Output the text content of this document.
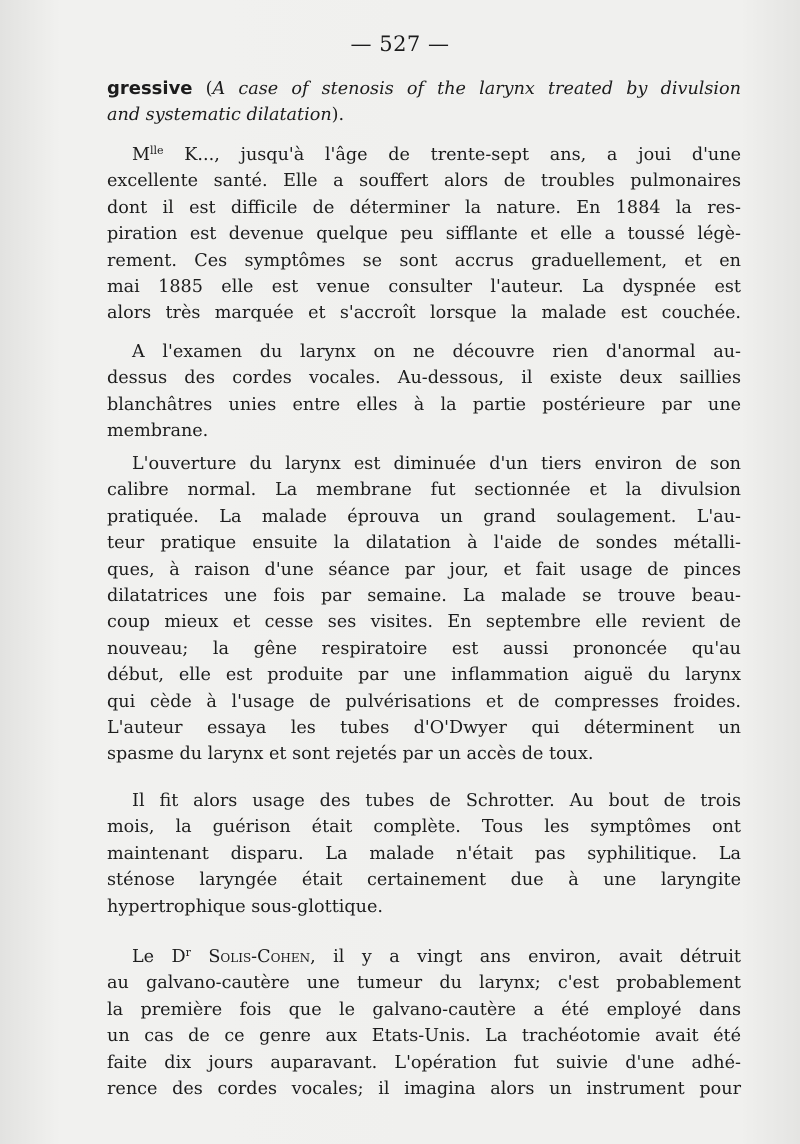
— 527 —
gressive (A case of stenosis of the larynx treated by divulsion
and systematic dilatation).
$M^{lle}$ K..., jusqu'à l'âge de trente-sept ans, a joui d'une
excellente santé. Elle a souffert alors de troubles pulmonaires
dont il est difficile de déterminer la nature. En 1884 la res-
piration est devenue quelque peu sifflante et elle a toussé légè-
rement. Ces symptômes se sont accrus graduellement, et en
mai 1885 elle est venue consulter l'auteur. La dyspnée est
alors très marquée et s'accroît lorsque la malade est couchée.
A l'examen du larynx on ne découvre rien d'anormal au-
dessus des cordes vocales. Au-dessous, il existe deux saillies
blanchâtres unies entre elles à la partie postérieure par une
membrane.
L'ouverture du larynx est diminuée d'un tiers environ de son
calibre normal. La membrane fut sectionnée et la divulsion
pratiquée. La malade éprouva un grand soulagement. L'au-
teur pratique ensuite la dilatation à l'aide de sondes métalli-
ques, à raison d'une séance par jour, et fait usage de pinces
dilatatrices une fois par semaine. La malade se trouve beau-
coup mieux et cesse ses visites. En septembre elle revient de
nouveau; la gêne respiratoire est aussi prononcée qu'au
début, elle est produite par une inflammation aiguë du larynx
qui cède à l'usage de pulvérisations et de compresses froides.
L'auteur essaya les tubes d'O'Dwyer qui déterminent un
spasme du larynx et sont rejetés par un accès de toux.
Il fit alors usage des tubes de Schrotter. Au bout de trois
mois, la guérison était complète. Tous les symptômes ont
maintenant disparu. La malade n'était pas syphilitique. La
sténose laryngée était certainement due à une laryngite
hypertrophique sous-glottique.
Le $D^r$ Solis-Cohen, il y a vingt ans environ, avait détruit
au galvano-cautère une tumeur du larynx; c'est probablement
la première fois que le galvano-cautère a été employé dans
un cas de ce genre aux Etats-Unis. La trachéotomie avait été
faite dix jours auparavant. L'opération fut suivie d'une adhé-
rence des cordes vocales; il imagina alors un instrument pour
